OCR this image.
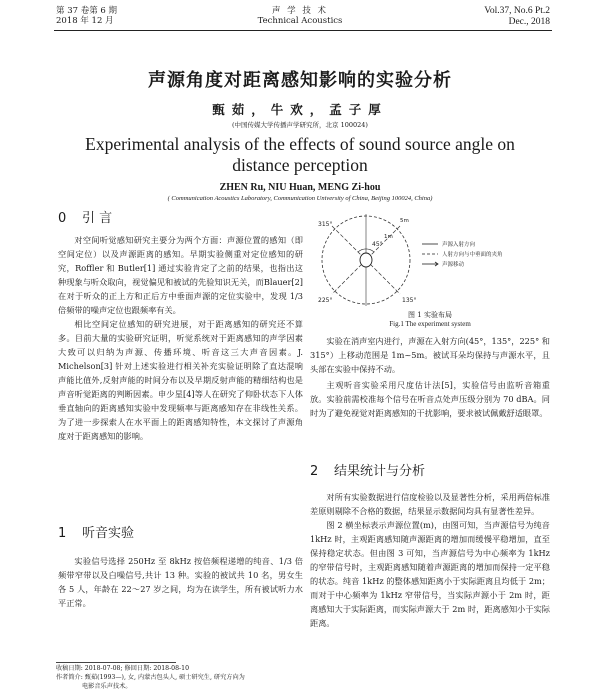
第 37 卷第 6 期
2018 年 12 月
声 学 技 术
Technical Acoustics
Vol.37, No.6 Pt.2
Dec., 2018
声源角度对距离感知影响的实验分析
甄茹，牛欢，孟子厚
(中国传媒大学传播声学研究所，北京 100024)
Experimental analysis of the effects of sound source angle on distance perception
ZHEN Ru, NIU Huan, MENG Zi-hou
( Communication Acoustics Laboratory, Communication University of China, Beijing 100024, China)
0 引 言

对空间听觉感知研究主要分为两个方面：声源位置的感知（即空间定位）以及声源距离的感知。早期实验侧重对定位感知的研究，Roffler 和 Butler[1] 通过实验肯定了之前的结果，也指出这种现象与听众取向，视觉偏见和被试的先验知识无关，而Blauer[2]在对于听众的正上方和正后方中垂面声源的定位实验中，发现 1/3 倍频带的噪声定位也跟频率有关。

相比空间定位感知的研究进展，对于距离感知的研究还不算多。目前大量的实验研究证明，听觉系统对于距离感知的声学因素大致可以归纳为声源、传播环境、听音这三大声音因素。J. Michelson[3] 针对上述实验进行相关补充实验证明除了直达混响声能比值外,反射声能的时间分布以及早期反射声能的精细结构也是声音听觉距离的判断因素。申少星[4]等人在研究了仰卧状态下人体垂直轴向的距离感知实验中发现频率与距离感知存在非线性关系。为了进一步探索人在水平面上的距离感知特性，本文探讨了声源角度对于距离感知的影响。

1 听音实验

实验信号选择 250Hz 至 8kHz 按倍频程递增的纯音、1/3 倍频带窄带以及白噪信号,共计 13 种。实验的被试共 10 名，男女生各 5 人，年龄在 22～27 岁之间，均为在读学生，所有被试听力水平正常。

收稿日期: 2018-07-08; 修回日期: 2018-08-10
作者简介: 甄茹(1993—), 女, 内蒙古包头人, 硕士研究生, 研究方向为
电影音乐声技术。
45°
315°
225°	135°
1m
5m
声源入射方向
人射方向与中垂面的夹角
声源移动
图 1 实验布局
Fig.1 The experiment system

实验在消声室内进行，声源在入射方向(45°，135°，225° 和 315°）上移动范围是 1m~5m。被试耳朵均保持与声源水平，且头部在实验中保持不动。

主观听音实验采用尺度估计法[5]，实验信号由监听音箱重放。实验前需校准每个信号在听音点处声压级分别为 70 dBA。同时为了避免视觉对距离感知的干扰影响，要求被试佩戴舒适眼罩。

2 结果统计与分析

对所有实验数据进行信度检验以及显著性分析，采用两倍标准差原则剔除不合格的数据，结果显示数据间均具有显著性差异。

图 2 横坐标表示声源位置(m)，由图可知，当声源信号为纯音 1kHz 时，主观距离感知随声源距离的增加而缓慢平稳增加，直至保持稳定状态。但由图 3 可知，当声源信号为中心频率为 1kHz 的窄带信号时，主观距离感知随着声源距离的增加而保持一定平稳的状态。纯音 1kHz 的整体感知距离小于实际距离且均低于 2m；而对于中心频率为 1kHz 窄带信号，当实际声源小于 2m 时，距离感知大于实际距离，而实际声源大于 2m 时，距离感知小于实际距离。
